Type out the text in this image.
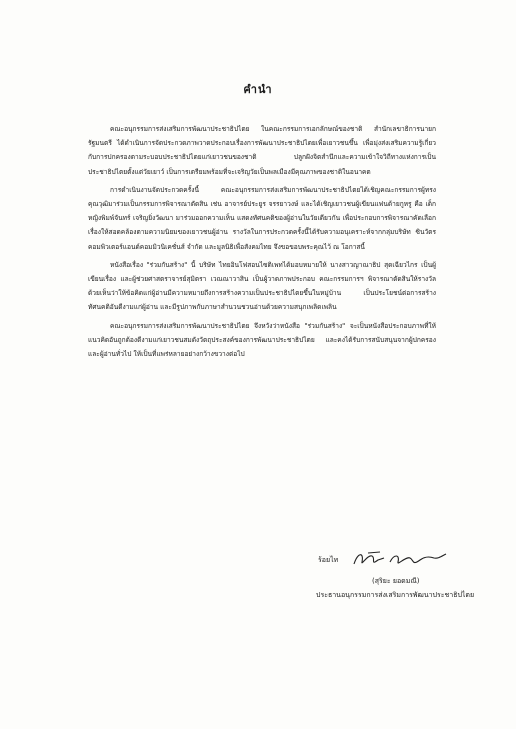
คำนำ

คณะอนุกรรมการส่งเสริมการพัฒนาประชาธิปไตย ในคณะกรรมการเอกลักษณ์ของชาติ สำนักเลขาธิการนายกรัฐมนตรี ได้ดำเนินการจัดประกวดภาพวาดประกอบเรื่องการพัฒนาประชาธิปไตยเพื่อเยาวชนขึ้น เพื่อมุ่งส่งเสริมความรู้เกี่ยวกับการปกครองตามระบอบประชาธิปไตยแก่เยาวชนของชาติ ปลูกฝังจิตสำนึกและความเข้าใจวิถีทางแห่งการเป็นประชาธิปไตยตั้งแต่วัยเยาว์ เป็นการเตรียมพร้อมที่จะเจริญวัยเป็นพลเมืองมีคุณภาพของชาติในอนาคต

การดำเนินงานจัดประกวดครั้งนี้ คณะอนุกรรมการส่งเสริมการพัฒนาประชาธิปไตยได้เชิญคณะกรรมการผู้ทรงคุณวุฒิมาร่วมเป็นกรรมการพิจารณาตัดสิน เช่น อาจารย์ประยูร จรรยาวงษ์ และได้เชิญเยาวชนผู้เขียนแฟนด้ายกูหรู คือ เด็กหญิงพิมพ์จันทร์ เจริญยิ่งวัฒนา มาร่วมออกความเห็น แสดงทัศนคติของผู้อ่านในวัยเดียวกัน เพื่อประกอบการพิจารณาคัดเลือกเรื่องให้สอดคล้องตามความนิยมของเยาวชนผู้อ่าน รางวัลในการประกวดครั้งนี้ได้รับความอนุเคราะห์จากกลุ่มบริษัท ซินวัตรคอมพิวเตอร์แอนด์คอมมิวนิเคชั่นส์ จำกัด และมูลนิธิเพื่อสังคมไทย จึงขอขอบพระคุณไว้ ณ โอกาสนี้

หนังสือเรื่อง "ร่วมกันสร้าง" นี้ บริษัท ไทยอินโฟสอนไซติเพทได้มอบหมายให้ นางสาวญาณาธิป สุดเฉียวไกร เป็นผู้เขียนเรื่อง และผู้ช่วยศาสตราจารย์สุมิตรา เวณณาวาสิน เป็นผู้วาดภาพประกอบ คณะกรรมการฯ พิจารณาตัดสินให้รางวัลด้วยเห็นว่าให้ข้อคิดแก่ผู้อ่านมีความหมายถึงการสร้างความเป็นประชาธิปไตยขึ้นในหมู่บ้าน เป็นประโยชน์ต่อการสร้างทัศนคติอันดีงามแก่ผู้อ่าน และมีรูปภาพกับภาษาสำนวนชวนอ่านด้วยความสนุกเพลิดเพลิน

คณะอนุกรรมการส่งเสริมการพัฒนาประชาธิปไตย จึงหวังว่าหนังสือ "ร่วมกันสร้าง" จะเป็นหนังสือประกอบภาพที่ให้แนวคิดอันถูกต้องดีงามแก่เยาวชนสมดังวัตถุประสงค์ของการพัฒนาประชาธิปไตย และคงได้รับการสนับสนุนจากผู้ปกครองและผู้อ่านทั่วไป ให้เป็นที่แพร่หลายอย่างกว้างขวางต่อไป

ร้อยไท
(สุริยะ ยอดมณี)
ประธานอนุกรรมการส่งเสริมการพัฒนาประชาธิปไตย
